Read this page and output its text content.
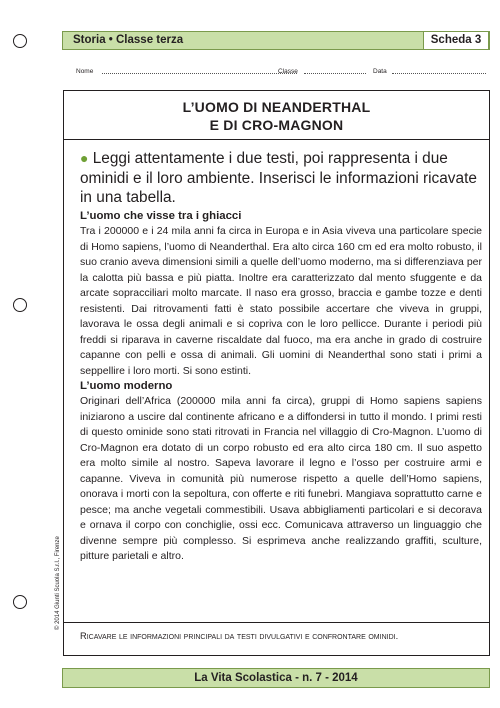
Storia • Classe terza	Scheda 3
Nome	Classe	Data
L’UOMO DI NEANDERTHAL
E DI CRO-MAGNON
● Leggi attentamente i due testi, poi rappresenta i due ominidi e il loro ambiente. Inserisci le informazioni ricavate in una tabella.
L’uomo che visse tra i ghiacci
Tra i 200000 e i 24 mila anni fa circa in Europa e in Asia viveva una particolare specie di Homo sapiens, l’uomo di Neanderthal. Era alto circa 160 cm ed era molto robusto, il suo cranio aveva dimensioni simili a quelle dell’uomo moderno, ma si differenziava per la calotta più bassa e più piatta. Inoltre era caratterizzato dal mento sfuggente e da arcate sopracciliari molto marcate. Il naso era grosso, braccia e gambe tozze e denti resistenti. Dai ritrovamenti fatti è stato possibile accertare che viveva in gruppi, lavorava le ossa degli animali e si copriva con le loro pellicce. Durante i periodi più freddi si riparava in caverne riscaldate dal fuoco, ma era anche in grado di costruire capanne con pelli e ossa di animali. Gli uomini di Neanderthal sono stati i primi a seppellire i loro morti. Si sono estinti.
L’uomo moderno
Originari dell’Africa (200000 mila anni fa circa), gruppi di Homo sapiens sapiens iniziarono a uscire dal continente africano e a diffondersi in tutto il mondo. I primi resti di questo ominide sono stati ritrovati in Francia nel villaggio di Cro-Magnon. L’uomo di Cro-Magnon era dotato di un corpo robusto ed era alto circa 180 cm. Il suo aspetto era molto simile al nostro. Sapeva lavorare il legno e l’osso per costruire armi e capanne. Viveva in comunità più numerose rispetto a quelle dell’Homo sapiens, onorava i morti con la sepoltura, con offerte e riti funebri. Mangiava soprattutto carne e pesce; ma anche vegetali commestibili. Usava abbigliamenti particolari e si decorava e ornava il corpo con conchiglie, ossi ecc. Comunicava attraverso un linguaggio che divenne sempre più complesso. Si esprimeva anche realizzando graffiti, sculture, pitture parietali e altro.
Ricavare le informazioni principali da testi divulgativi e confrontare ominidi.
© 2014 Giunti Scuola S.r.l., Firenze
La Vita Scolastica - n. 7 - 2014
